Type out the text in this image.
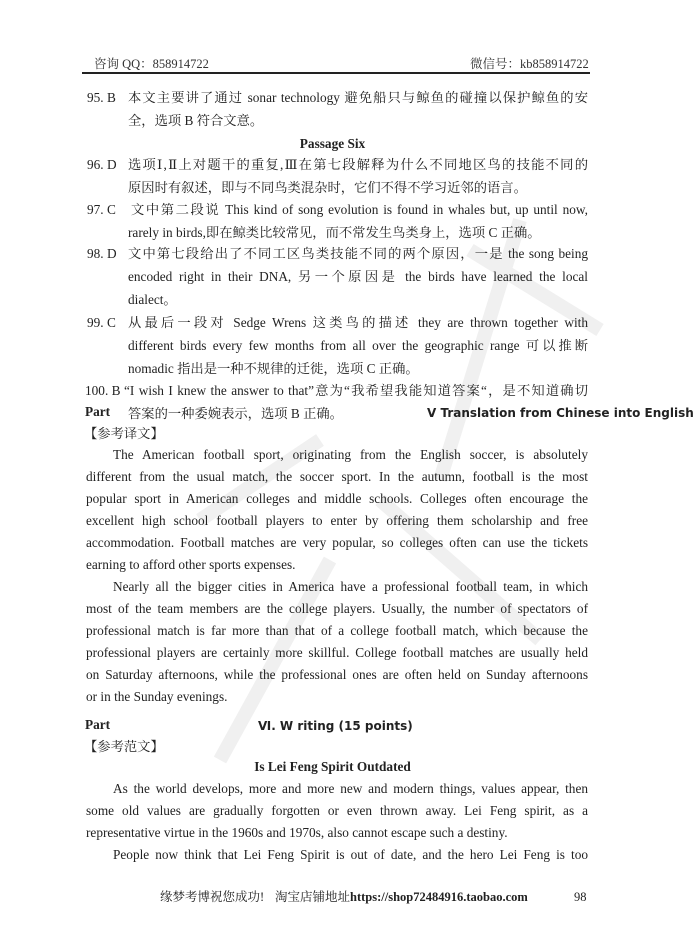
咨询 QQ：858914722	微信号：kb858914722
95. B 本文主要讲了通过 sonar technology 避免船只与鲸鱼的碰撞以保护鲸鱼的安
全，选项 B 符合文意。
Passage Six
96. D 选项Ⅰ,Ⅱ上对题干的重复,Ⅲ在第七段解释为什么不同地区鸟的技能不同的
原因时有叙述，即与不同鸟类混杂时，它们不得不学习近邻的语言。
97. C 文中第二段说 This kind of song evolution is found in whales but, up until now,
rarely in birds,即在鲸类比较常见，而不常发生鸟类身上，选项 C 正确。
98. D 文中第七段给出了不同工区鸟类技能不同的两个原因，一是 the song being
encoded right in their DNA, 另一个原因是 the birds have learned the local
dialect。
99. C 从最后一段对 Sedge Wrens 这类鸟的描述 they are thrown together with
different birds every few months from all over the geographic range 可以推断
nomadic 指出是一种不规律的迁徙，选项 C 正确。
100. B “I wish I knew the answer to that”意为“我希望我能知道答案“，是不知道确切
答案的一种委婉表示，选项 B 正确。
Part	Ⅴ Translation from Chinese into English
【参考译文】
The American football sport, originating from the English soccer, is absolutely
different from the usual match, the soccer sport. In the autumn, football is the most
popular sport in American colleges and middle schools. Colleges often encourage the
excellent high school football players to enter by offering them scholarship and free
accommodation. Football matches are very popular, so colleges often can use the tickets
earning to afford other sports expenses.
Nearly all the bigger cities in America have a professional football team, in which
most of the team members are the college players. Usually, the number of spectators of
professional match is far more than that of a college football match, which because the
professional players are certainly more skillful. College football matches are usually held
on Saturday afternoons, while the professional ones are often held on Sunday afternoons
or in the Sunday evenings.
Part	Ⅵ. W riting (15 points)
【参考范文】
Is Lei Feng Spirit Outdated
As the world develops, more and more new and modern things, values appear, then
some old values are gradually forgotten or even thrown away. Lei Feng spirit, as a
representative virtue in the 1960s and 1970s, also cannot escape such a destiny.
People now think that Lei Feng Spirit is out of date, and the hero Lei Feng is too
缘梦考博祝您成功! 淘宝店铺地址 https://shop72484916.taobao.com	98
